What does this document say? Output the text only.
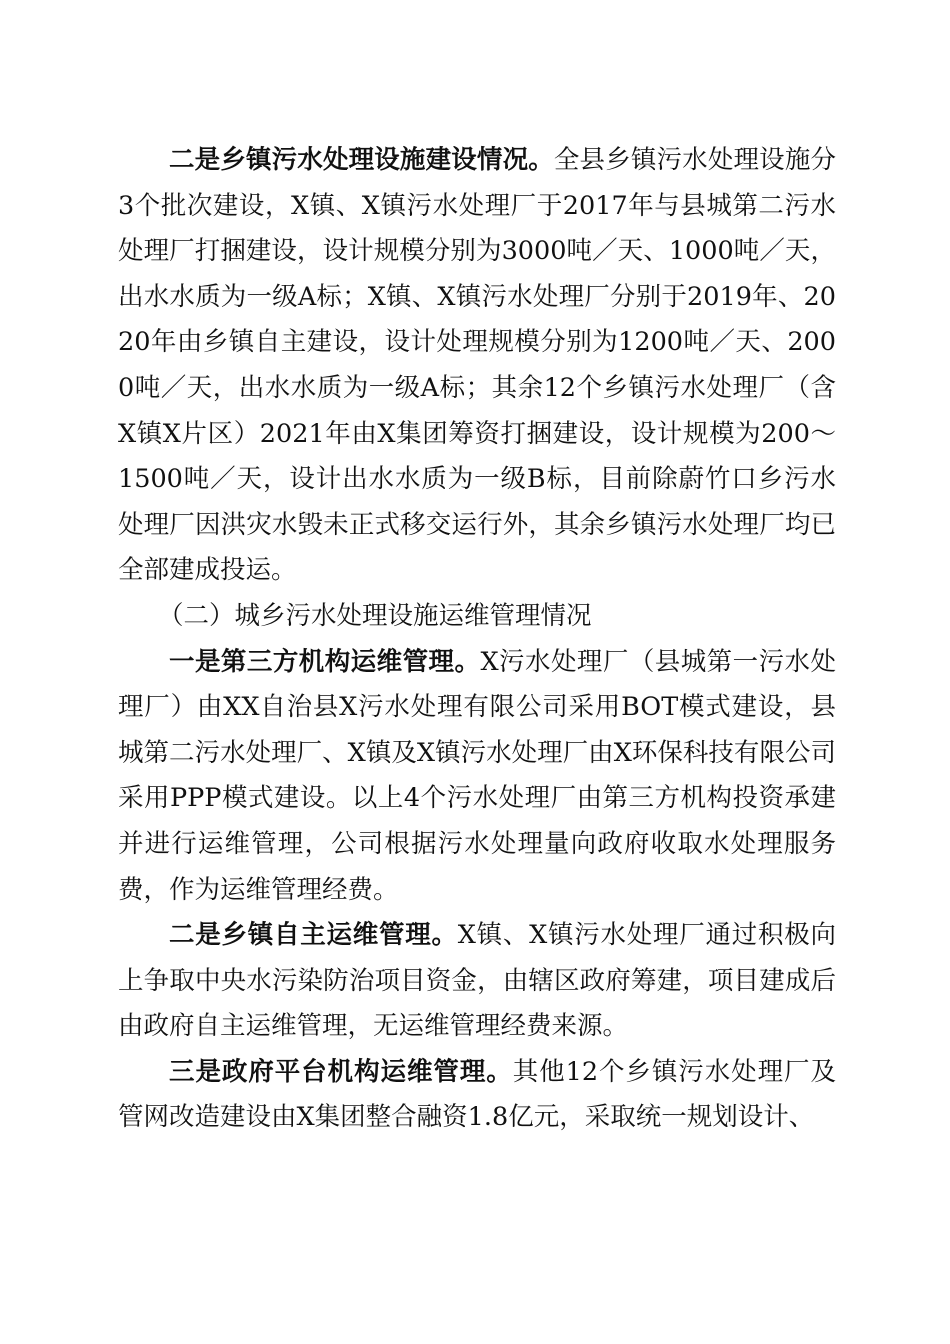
二是乡镇污水处理设施建设情况。全县乡镇污水处理设施分3个批次建设，X镇、X镇污水处理厂于2017年与县城第二污水处理厂打捆建设，设计规模分别为3000吨／天、1000吨／天，出水水质为一级A标；X镇、X镇污水处理厂分别于2019年、2020年由乡镇自主建设，设计处理规模分别为1200吨／天、2000吨／天，出水水质为一级A标；其余12个乡镇污水处理厂（含X镇X片区）2021年由X集团筹资打捆建设，设计规模为200～1500吨／天，设计出水水质为一级B标，目前除蔚竹口乡污水处理厂因洪灾水毁未正式移交运行外，其余乡镇污水处理厂均已全部建成投运。

（二）城乡污水处理设施运维管理情况

一是第三方机构运维管理。X污水处理厂（县城第一污水处理厂）由XX自治县X污水处理有限公司采用BOT模式建设，县城第二污水处理厂、X镇及X镇污水处理厂由X环保科技有限公司采用PPP模式建设。以上4个污水处理厂由第三方机构投资承建并进行运维管理，公司根据污水处理量向政府收取水处理服务费，作为运维管理经费。

二是乡镇自主运维管理。X镇、X镇污水处理厂通过积极向上争取中央水污染防治项目资金，由辖区政府筹建，项目建成后由政府自主运维管理，无运维管理经费来源。

三是政府平台机构运维管理。其他12个乡镇污水处理厂及管网改造建设由X集团整合融资1.8亿元，采取统一规划设计、
